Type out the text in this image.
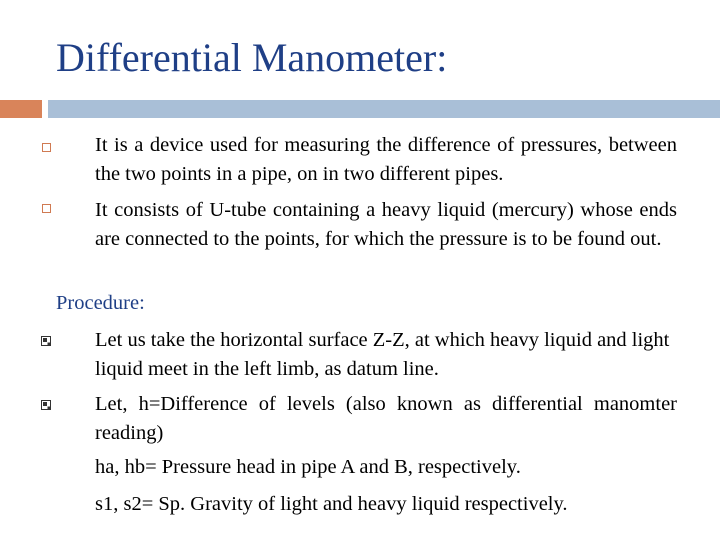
Differential Manometer:
It is a device used for measuring the difference of pressures, between the two points in a pipe, on in two different pipes.
It consists of U-tube containing a heavy liquid (mercury) whose ends are connected to the points, for which the pressure is to be found out.
Procedure:
Let us take the horizontal surface Z-Z, at which heavy liquid and light liquid meet in the left limb, as datum line.
Let, h=Difference of levels (also known as differential manomter reading)
ha, hb= Pressure head in pipe A and B, respectively.
s1, s2= Sp. Gravity of light and heavy liquid respectively.
